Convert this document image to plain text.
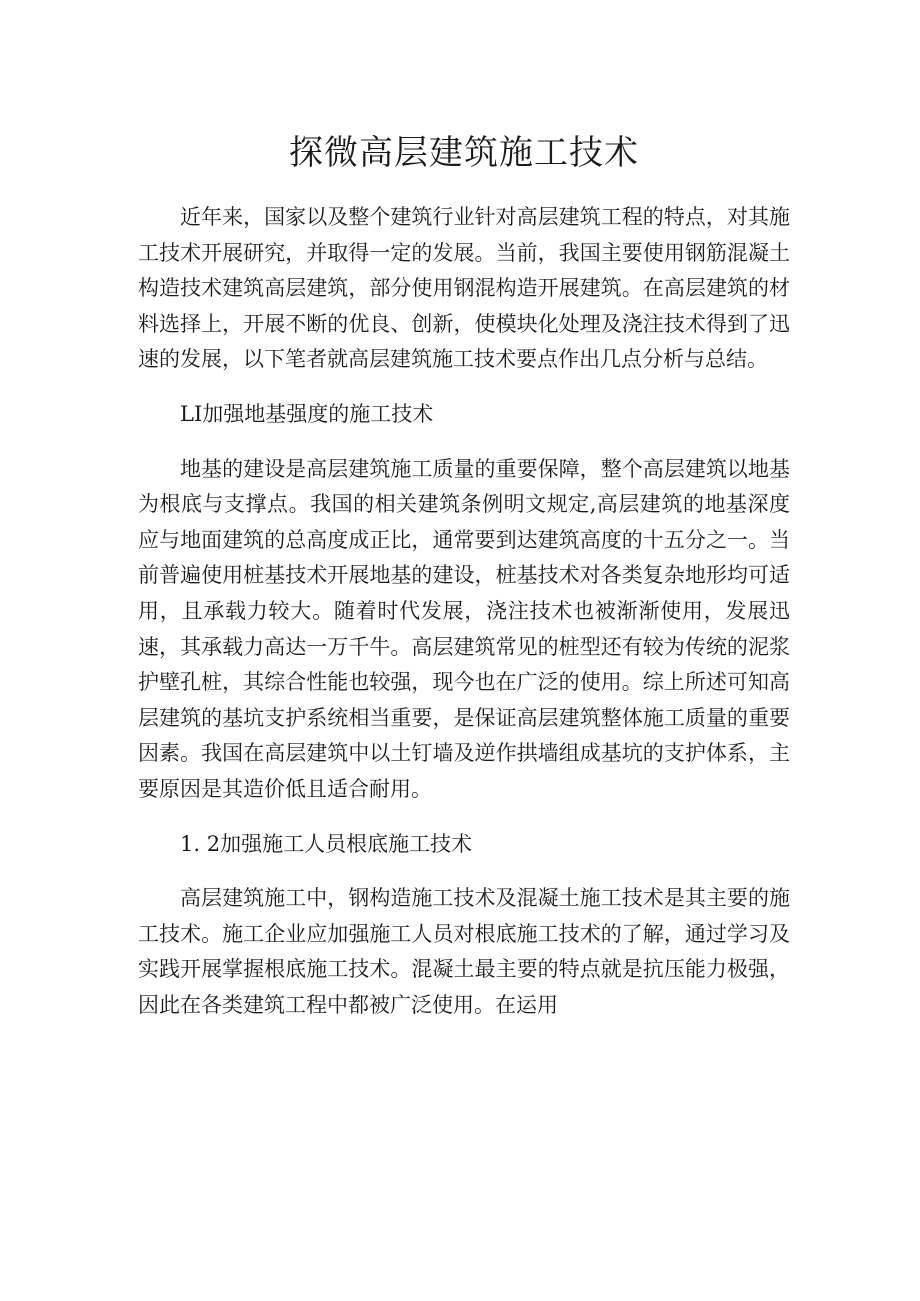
探微高层建筑施工技术

近年来，国家以及整个建筑行业针对高层建筑工程的特点，对其施工技术开展研究，并取得一定的发展。当前，我国主要使用钢筋混凝土构造技术建筑高层建筑，部分使用钢混构造开展建筑。在高层建筑的材料选择上，开展不断的优良、创新，使模块化处理及浇注技术得到了迅速的发展，以下笔者就高层建筑施工技术要点作出几点分析与总结。

LI加强地基强度的施工技术

地基的建设是高层建筑施工质量的重要保障，整个高层建筑以地基为根底与支撑点。我国的相关建筑条例明文规定,高层建筑的地基深度应与地面建筑的总高度成正比，通常要到达建筑高度的十五分之一。当前普遍使用桩基技术开展地基的建设，桩基技术对各类复杂地形均可适用，且承载力较大。随着时代发展，浇注技术也被渐渐使用，发展迅速，其承载力高达一万千牛。高层建筑常见的桩型还有较为传统的泥浆护壁孔桩，其综合性能也较强，现今也在广泛的使用。综上所述可知高层建筑的基坑支护系统相当重要，是保证高层建筑整体施工质量的重要因素。我国在高层建筑中以土钉墙及逆作拱墙组成基坑的支护体系，主要原因是其造价低且适合耐用。

1. 2加强施工人员根底施工技术

高层建筑施工中，钢构造施工技术及混凝土施工技术是其主要的施工技术。施工企业应加强施工人员对根底施工技术的了解，通过学习及实践开展掌握根底施工技术。混凝土最主要的特点就是抗压能力极强，因此在各类建筑工程中都被广泛使用。在运用
